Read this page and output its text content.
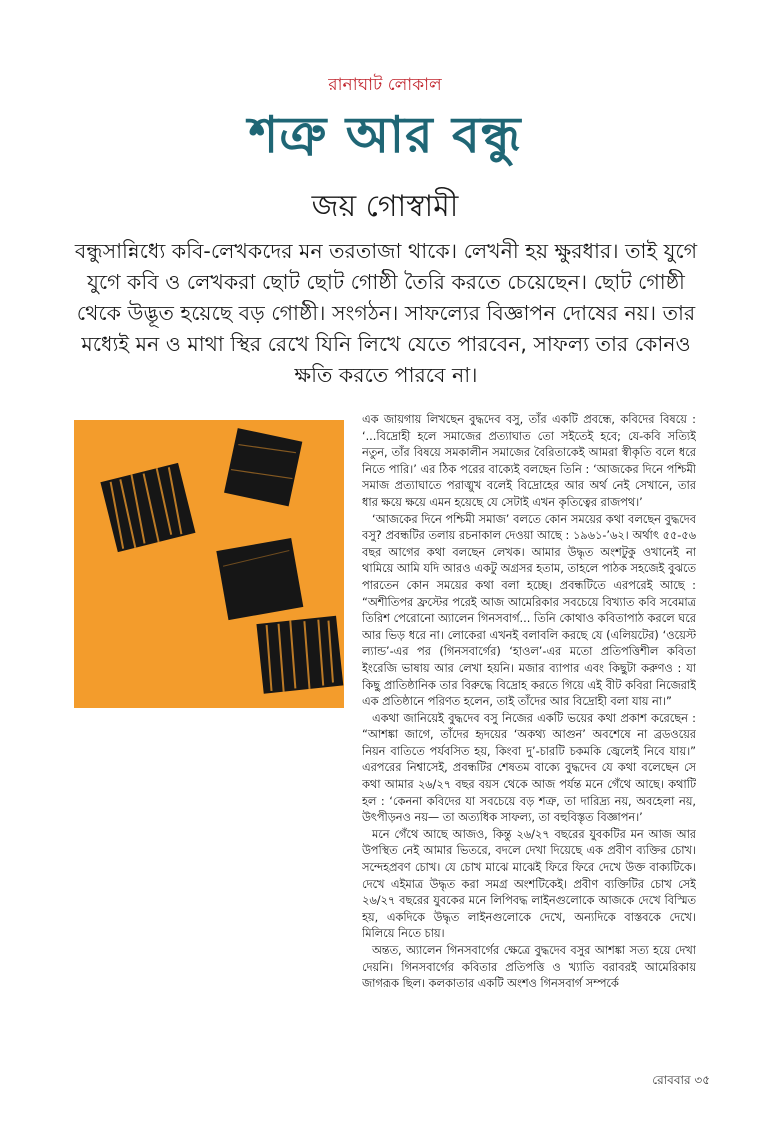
রানাঘাট লোকাল
শত্রু আর বন্ধু
জয় গোস্বামী
বন্ধুসান্নিধ্যে কবি-লেখকদের মন তরতাজা থাকে। লেখনী হয় ক্ষুরধার। তাই যুগে যুগে কবি ও লেখকরা ছোট ছোট গোষ্ঠী তৈরি করতে চেয়েছেন। ছোট গোষ্ঠী থেকে উদ্ভূত হয়েছে বড় গোষ্ঠী। সংগঠন। সাফল্যের বিজ্ঞাপন দোষের নয়। তার মধ্যেই মন ও মাথা স্থির রেখে যিনি লিখে যেতে পারবেন, সাফল্য তার কোনও ক্ষতি করতে পারবে না।

এক জায়গায় লিখছেন বুদ্ধদেব বসু, তাঁর একটি প্রবন্ধে, কবিদের বিষয়ে : ‘...বিদ্রোহী হলে সমাজের প্রত্যাঘাত তো সইতেই হবে; যে-কবি সত্যিই নতুন, তাঁর বিষয়ে সমকালীন সমাজের বৈরিতাকেই আমরা স্বীকৃতি বলে ধরে নিতে পারি।’ এর ঠিক পরের বাক্যেই বলছেন তিনি : ‘আজকের দিনে পশ্চিমী সমাজ প্রত্যাঘাতে পরাঙ্মুখ বলেই বিদ্রোহের আর অর্থ নেই সেখানে, তার ধার ক্ষয়ে ক্ষয়ে এমন হয়েছে যে সেটাই এখন কৃতিত্বের রাজপথ।’

‘আজকের দিনে পশ্চিমী সমাজ’ বলতে কোন সময়ের কথা বলছেন বুদ্ধদেব বসু? প্রবন্ধটির তলায় রচনাকাল দেওয়া আছে : ১৯৬১-’৬২। অর্থাৎ ৫৫-৫৬ বছর আগের কথা বলছেন লেখক। আমার উদ্ধৃত অংশটুকু ওখানেই না থামিয়ে আমি যদি আরও একটু অগ্রসর হতাম, তাহলে পাঠক সহজেই বুঝতে পারতেন কোন সময়ের কথা বলা হচ্ছে। প্রবন্ধটিতে এরপরেই আছে : “অশীতিপর ফ্রস্টের পরেই আজ আমেরিকার সবচেয়ে বিখ্যাত কবি সবেমাত্র তিরিশ পেরোনো অ্যালেন গিনসবার্গ... তিনি কোথাও কবিতাপাঠ করলে ঘরে আর ভিড় ধরে না। লোকেরা এখনই বলাবলি করছে যে (এলিয়টের) ‘ওয়েস্ট ল্যান্ড’-এর পর (গিনসবার্গের) ‘হাওল’-এর মতো প্রতিপত্তিশীল কবিতা ইংরেজি ভাষায় আর লেখা হয়নি। মজার ব্যাপার এবং কিছুটা করুণও : যা কিছু প্রাতিষ্ঠানিক তার বিরুদ্ধে বিদ্রোহ করতে গিয়ে এই বীট কবিরা নিজেরাই এক প্রতিষ্ঠানে পরিণত হলেন, তাই তাঁদের আর বিদ্রোহী বলা যায় না।”

একথা জানিয়েই বুদ্ধদেব বসু নিজের একটি ভয়ের কথা প্রকাশ করেছেন : “আশঙ্কা জাগে, তাঁদের হৃদয়ের ‘অকথ্য আগুন’ অবশেষে না ব্রডওয়ের নিয়ন বাতিতে পর্যবসিত হয়, কিংবা দু’-চারটি চকমকি জ্বেলেই নিবে যায়।” এরপরের নিশ্বাসেই, প্রবন্ধটির শেষতম বাক্যে বুদ্ধদেব যে কথা বলেছেন সে কথা আমার ২৬/২৭ বছর বয়স থেকে আজ পর্যন্ত মনে গেঁথে আছে। কথাটি হল : ‘কেননা কবিদের যা সবচেয়ে বড় শত্রু, তা দারিদ্র্য নয়, অবহেলা নয়, উৎপীড়নও নয়— তা অত্যধিক সাফল্য, তা বহুবিস্তৃত বিজ্ঞাপন।’

মনে গেঁথে আছে আজও, কিন্তু ২৬/২৭ বছরের যুবকটির মন আজ আর উপস্থিত নেই আমার ভিতরে, বদলে দেখা দিয়েছে এক প্রবীণ ব্যক্তির চোখ। সন্দেহপ্রবণ চোখ। যে চোখ মাঝে মাঝেই ফিরে ফিরে দেখে উক্ত বাক্যটিকে। দেখে এইমাত্র উদ্ধৃত করা সমগ্র অংশটিকেই। প্রবীণ ব্যক্তিটির চোখ সেই ২৬/২৭ বছরের যুবকের মনে লিপিবদ্ধ লাইনগুলোকে আজকে দেখে বিস্মিত হয়, একদিকে উদ্ধৃত লাইনগুলোকে দেখে, অন্যদিকে বাস্তবকে দেখে। মিলিয়ে নিতে চায়।

অন্তত, অ্যালেন গিনসবার্গের ক্ষেত্রে বুদ্ধদেব বসুর আশঙ্কা সত্য হয়ে দেখা দেয়নি। গিনসবার্গের কবিতার প্রতিপত্তি ও খ্যাতি বরাবরই আমেরিকায় জাগরূক ছিল। কলকাতার একটি অংশও গিনসবার্গ সম্পর্কে

রোববার ৩৫
